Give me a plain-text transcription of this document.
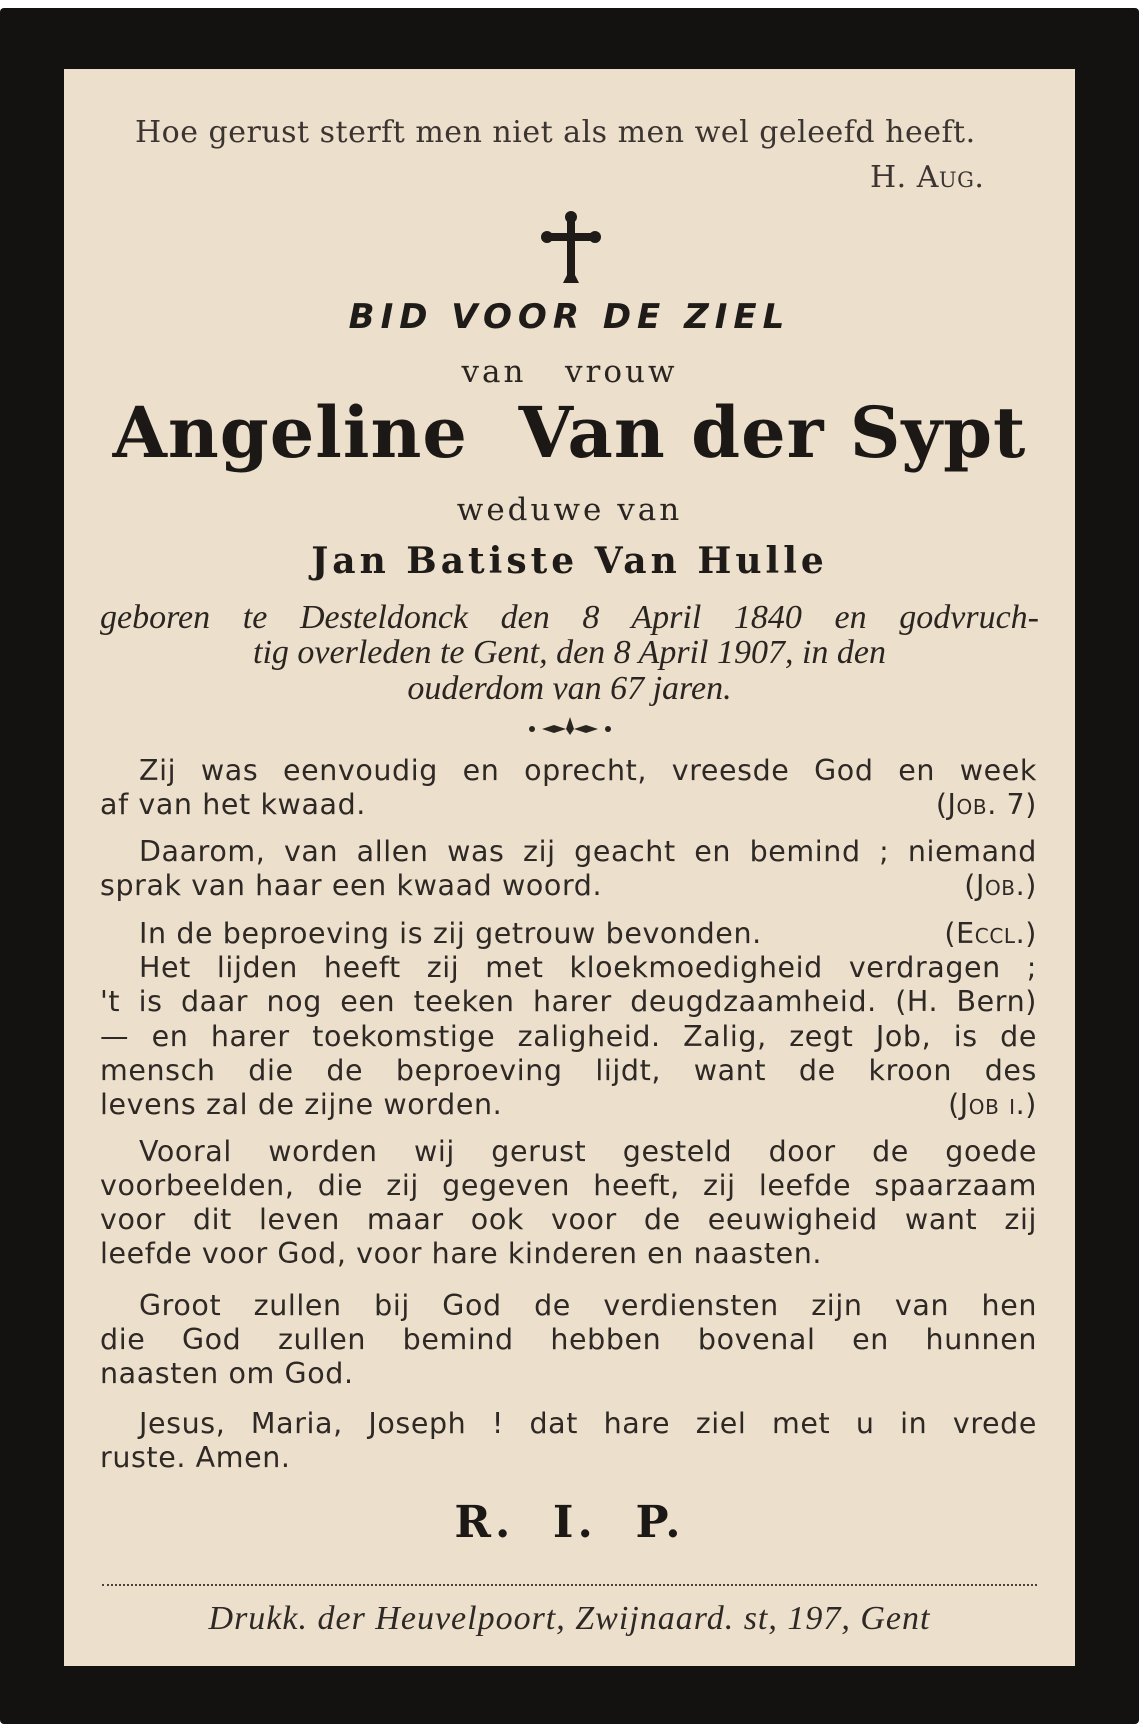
Hoe gerust sterft men niet als men wel geleefd heeft.
H. Aug.
BID VOOR DE ZIEL
van   vrouw
Angeline  Van der Sypt
weduwe van
Jan Batiste Van Hulle
geboren te Desteldonck den 8 April 1840 en godvruch-
tig overleden te Gent, den 8 April 1907, in den
ouderdom van 67 jaren.
Zij was eenvoudig en oprecht, vreesde God en week
af van het kwaad.	(Job. 7)
Daarom, van allen was zij geacht en bemind ; niemand
sprak van haar een kwaad woord.	(Job.)
In de beproeving is zij getrouw bevonden.	(Eccl.)
Het lijden heeft zij met kloekmoedigheid verdragen ;
't is daar nog een teeken harer deugdzaamheid. (H. Bern)
— en harer toekomstige zaligheid. Zalig, zegt Job, is de
mensch die de beproeving lijdt, want de kroon des
levens zal de zijne worden.	(Job i.)
Vooral worden wij gerust gesteld door de goede
voorbeelden, die zij gegeven heeft, zij leefde spaarzaam
voor dit leven maar ook voor de eeuwigheid want zij
leefde voor God, voor hare kinderen en naasten.
Groot zullen bij God de verdiensten zijn van hen
die God zullen bemind hebben bovenal en hunnen
naasten om God.
Jesus, Maria, Joseph ! dat hare ziel met u in vrede
ruste. Amen.
R.  I.  P.
Drukk. der Heuvelpoort, Zwijnaard. st, 197, Gent
